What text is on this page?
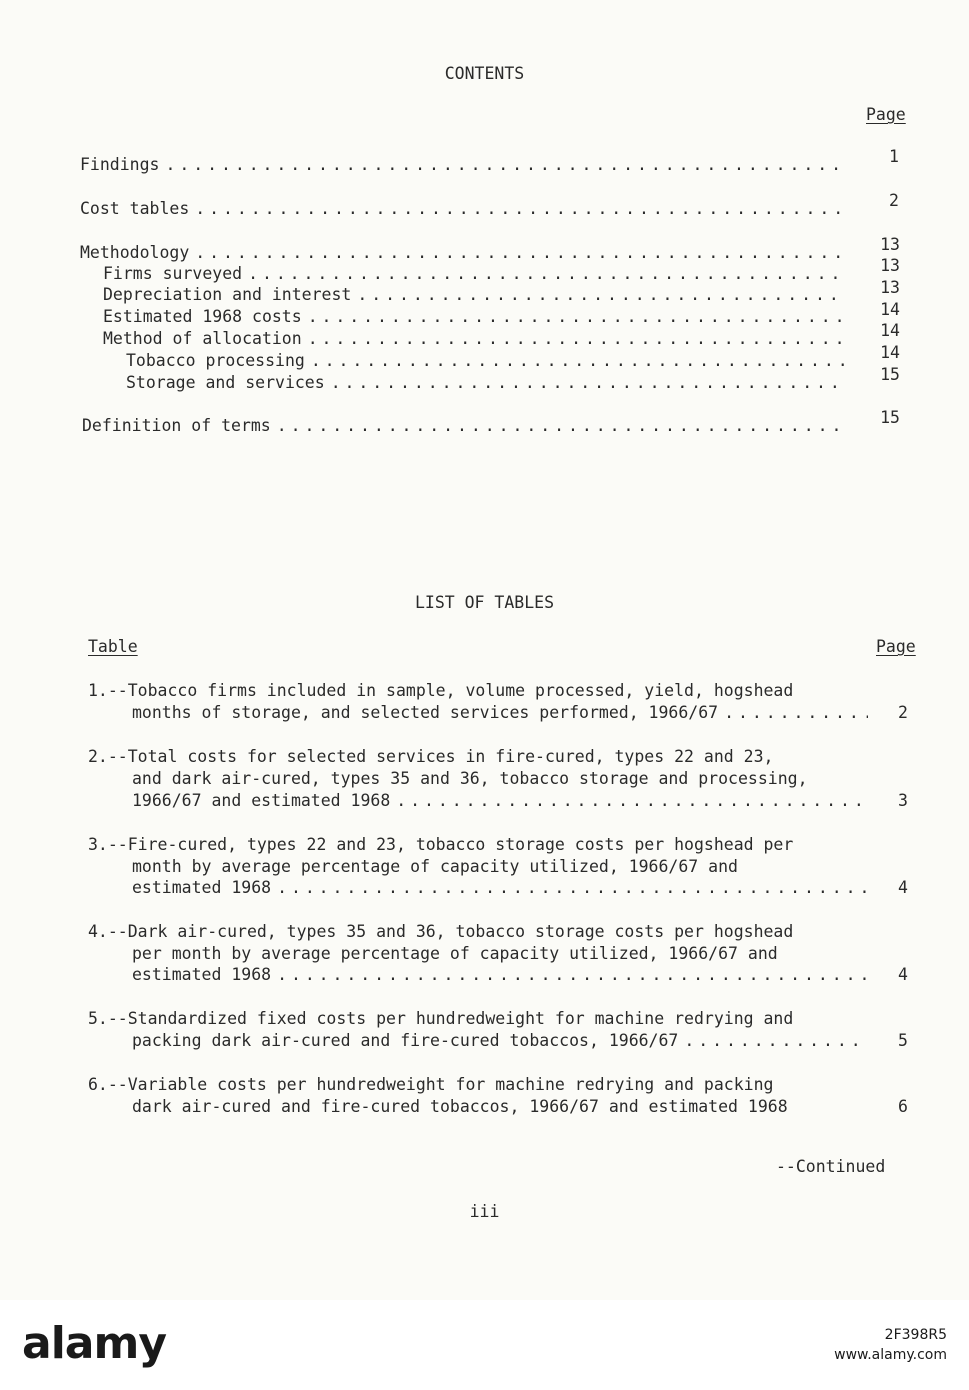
CONTENTS
Page
Findings . . .	1
Cost tables . . .	2
Methodology . . .	13
Firms surveyed . . .	13
Depreciation and interest . . .	13
Estimated 1968 costs . . .	14
Method of allocation . . .	14
Tobacco processing . . .	14
Storage and services . . .	15
Definition of terms . . .	15
LIST OF TABLES
Table	Page
1.--Tobacco firms included in sample, volume processed, yield, hogshead
months of storage, and selected services performed, 1966/67 . . .	2
2.--Total costs for selected services in fire-cured, types 22 and 23,
and dark air-cured, types 35 and 36, tobacco storage and processing,
1966/67 and estimated 1968 . . .	3
3.--Fire-cured, types 22 and 23, tobacco storage costs per hogshead per
month by average percentage of capacity utilized, 1966/67 and
estimated 1968 . . .	4
4.--Dark air-cured, types 35 and 36, tobacco storage costs per hogshead
per month by average percentage of capacity utilized, 1966/67 and
estimated 1968 . . .	4
5.--Standardized fixed costs per hundredweight for machine redrying and
packing dark air-cured and fire-cured tobaccos, 1966/67 . . .	5
6.--Variable costs per hundredweight for machine redrying and packing
dark air-cured and fire-cured tobaccos, 1966/67 and estimated 1968	6
--Continued
iii
alamy	2F398R5
www.alamy.com
